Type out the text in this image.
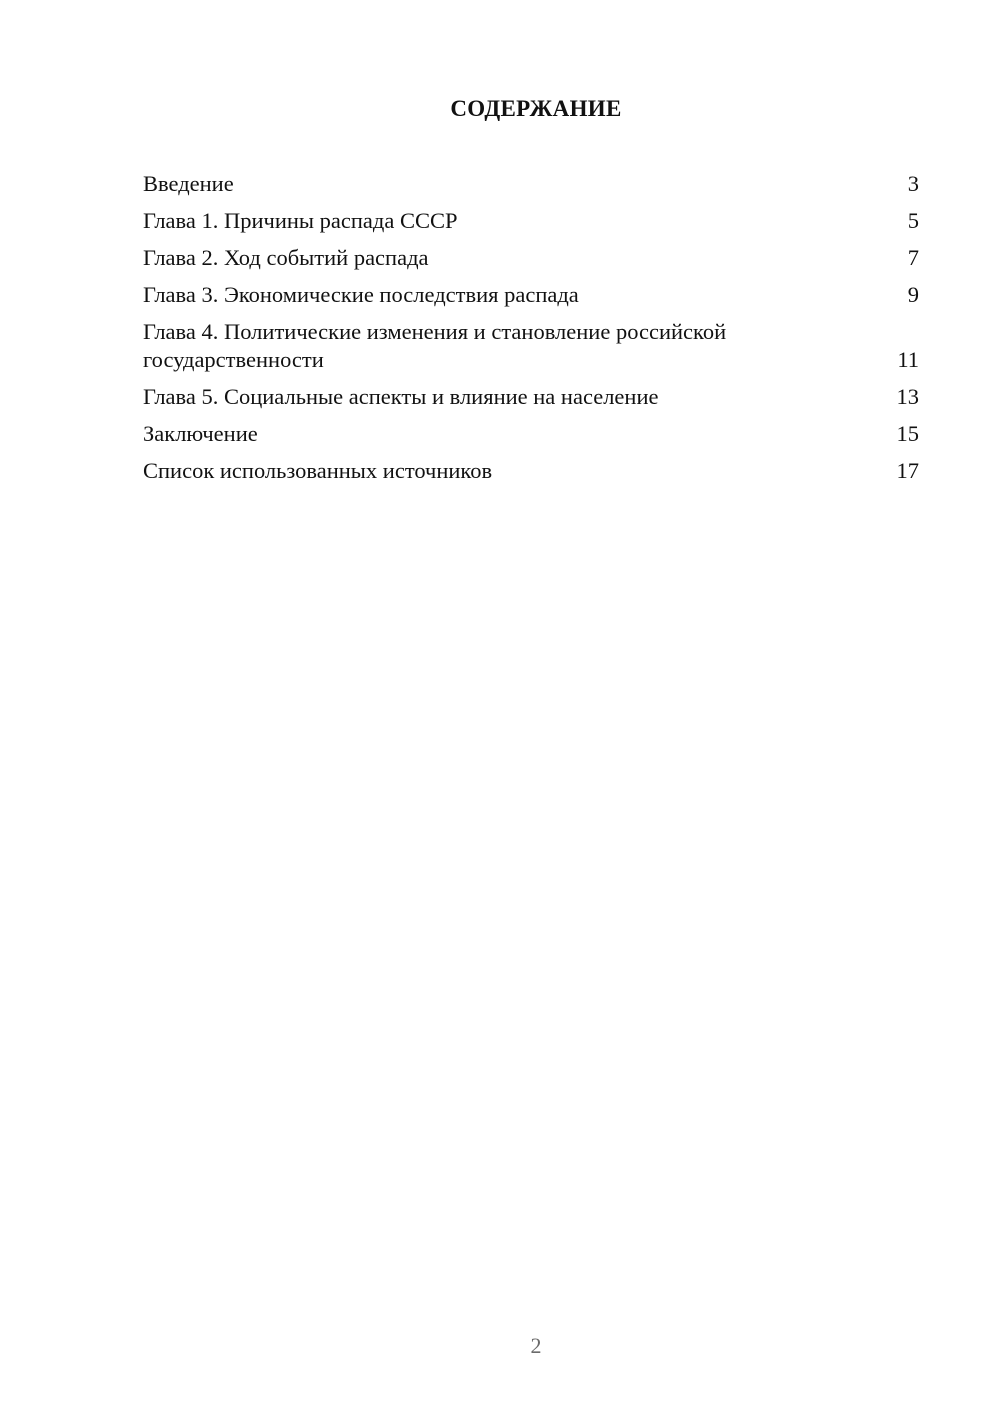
СОДЕРЖАНИЕ
Введение	3
Глава 1. Причины распада СССР	5
Глава 2. Ход событий распада	7
Глава 3. Экономические последствия распада	9
Глава 4. Политические изменения и становление российской государственности	11
Глава 5. Социальные аспекты и влияние на население	13
Заключение	15
Список использованных источников	17
2
